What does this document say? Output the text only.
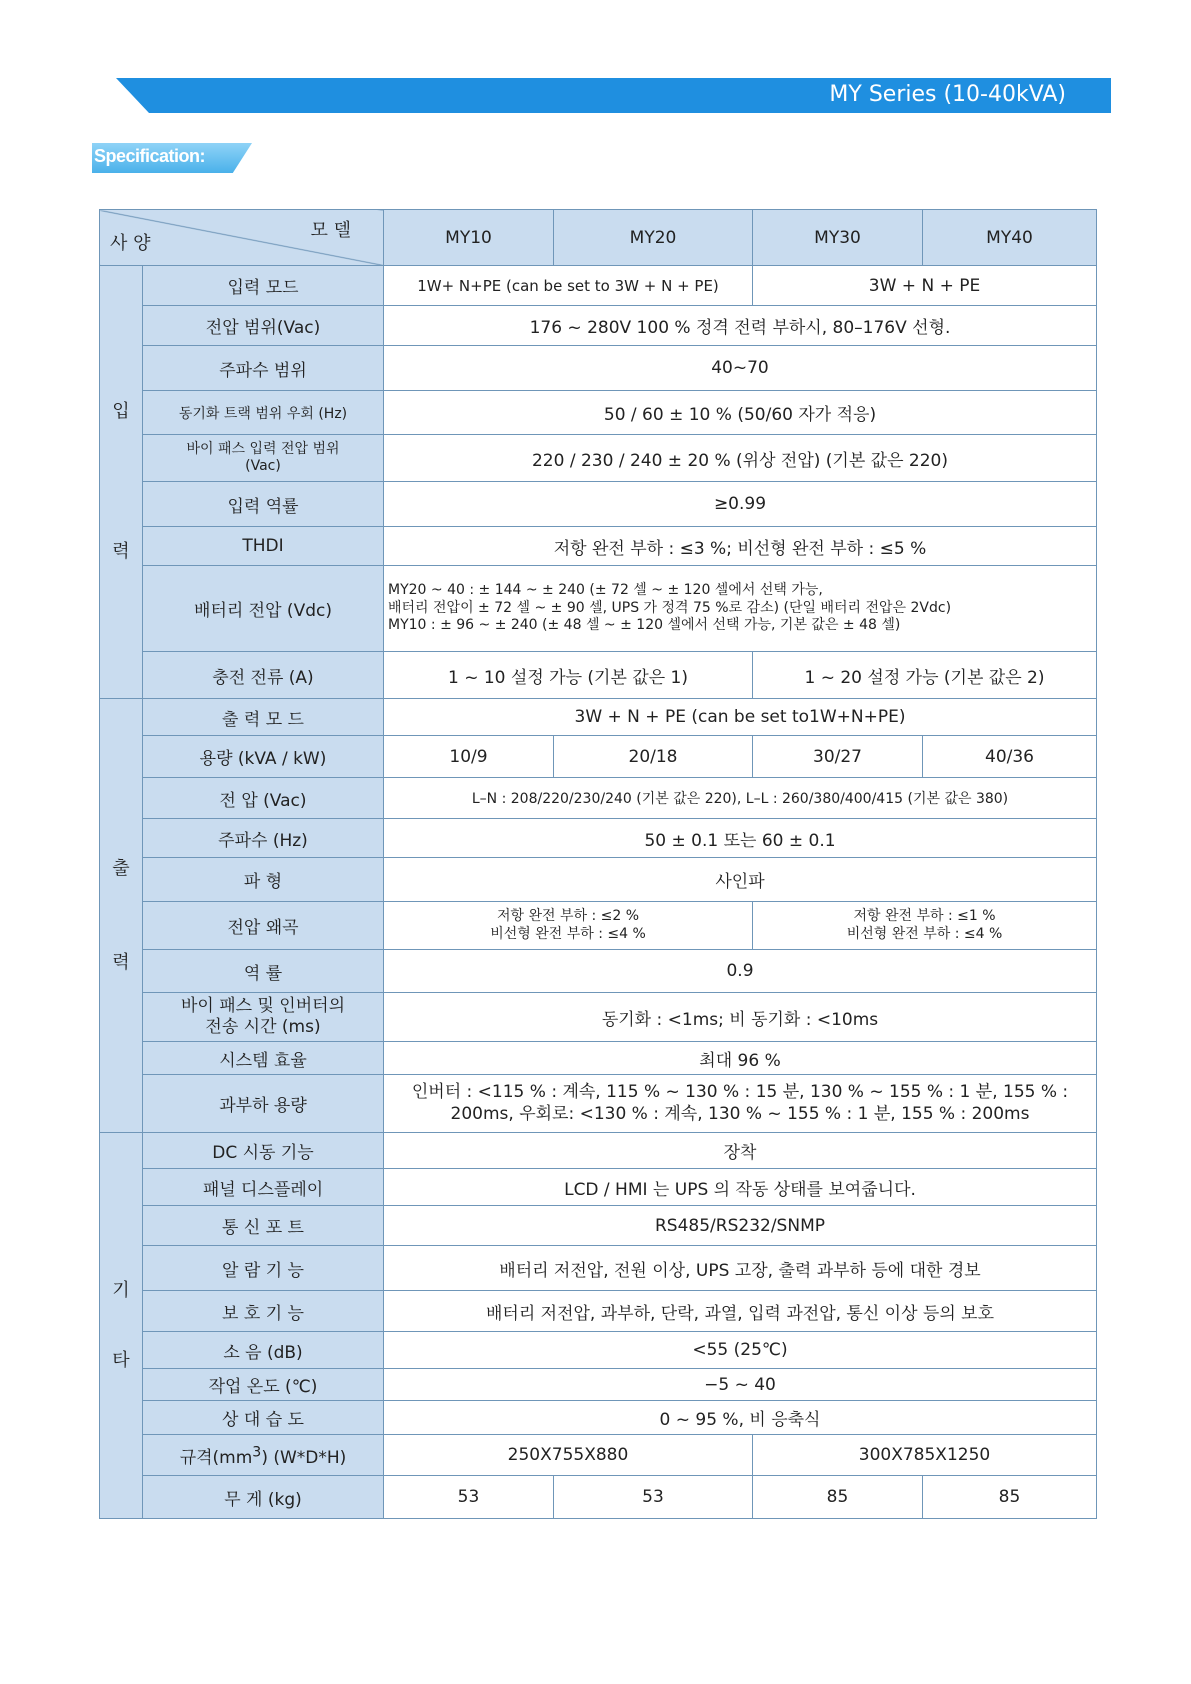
MY Series (10-40kVA)
Specification:
모 델
사 양		MY10	MY20	MY30	MY40
입

력	입력 모드	1W+ N+PE (can be set to 3W + N + PE)		3W + N + PE	
	전압 범위(Vac)	176 ~ 280V 100 % 정격 전력 부하시, 80–176V 선형.			
	주파수 범위	40~70			
	동기화 트랙 범위 우회 (Hz)	50 / 60 ± 10 % (50/60 자가 적응)			
	바이 패스 입력 전압 범위
(Vac)	220 / 230 / 240 ± 20 % (위상 전압) (기본 값은 220)			
	입력 역률	≥0.99			
	THDI	저항 완전 부하 : ≤3 %; 비선형 완전 부하 : ≤5 %			
	배터리 전압 (Vdc)	MY20 ~ 40 : ± 144 ~ ± 240 (± 72 셀 ~ ± 120 셀에서 선택 가능,
배터리 전압이 ± 72 셀 ~ ± 90 셀, UPS 가 정격 75 %로 감소) (단일 배터리 전압은 2Vdc)
MY10 : ± 96 ~ ± 240 (± 48 셀 ~ ± 120 셀에서 선택 가능, 기본 값은 ± 48 셀)			
	충전 전류 (A)	1 ~ 10 설정 가능 (기본 값은 1)		1 ~ 20 설정 가능 (기본 값은 2)	
출

력	출 력 모 드	3W + N + PE (can be set to1W+N+PE)			
	용량 (kVA / kW)	10/9	20/18	30/27	40/36
	전 압 (Vac)	L–N : 208/220/230/240 (기본 값은 220), L–L : 260/380/400/415 (기본 값은 380)			
	주파수 (Hz)	50 ± 0.1 또는 60 ± 0.1			
	파 형	사인파			
	전압 왜곡	저항 완전 부하 : ≤2 %
비선형 완전 부하 : ≤4 %		저항 완전 부하 : ≤1 %
비선형 완전 부하 : ≤4 %	
	역 률	0.9			
	바이 패스 및 인버터의
전송 시간 (ms)	동기화 : <1ms; 비 동기화 : <10ms			
	시스템 효율	최대 96 %			
	과부하 용량	인버터 : <115 % : 계속, 115 % ~ 130 % : 15 분, 130 % ~ 155 % : 1 분, 155 % :
200ms, 우회로: <130 % : 계속, 130 % ~ 155 % : 1 분, 155 % : 200ms			
기

타	DC 시동 기능	장착			
	패널 디스플레이	LCD / HMI 는 UPS 의 작동 상태를 보여줍니다.			
	통 신 포 트	RS485/RS232/SNMP			
	알 람 기 능	배터리 저전압, 전원 이상, UPS 고장, 출력 과부하 등에 대한 경보			
	보 호 기 능	배터리 저전압, 과부하, 단락, 과열, 입력 과전압, 통신 이상 등의 보호			
	소 음 (dB)	<55 (25℃)			
	작업 온도 (℃)	−5 ~ 40			
	상 대 습 도	0 ~ 95 %, 비 응축식			
	규격$(mm^3)$ (W*D*H)	250X755X880		300X785X1250	
	무 게 (kg)	53	53	85	85
